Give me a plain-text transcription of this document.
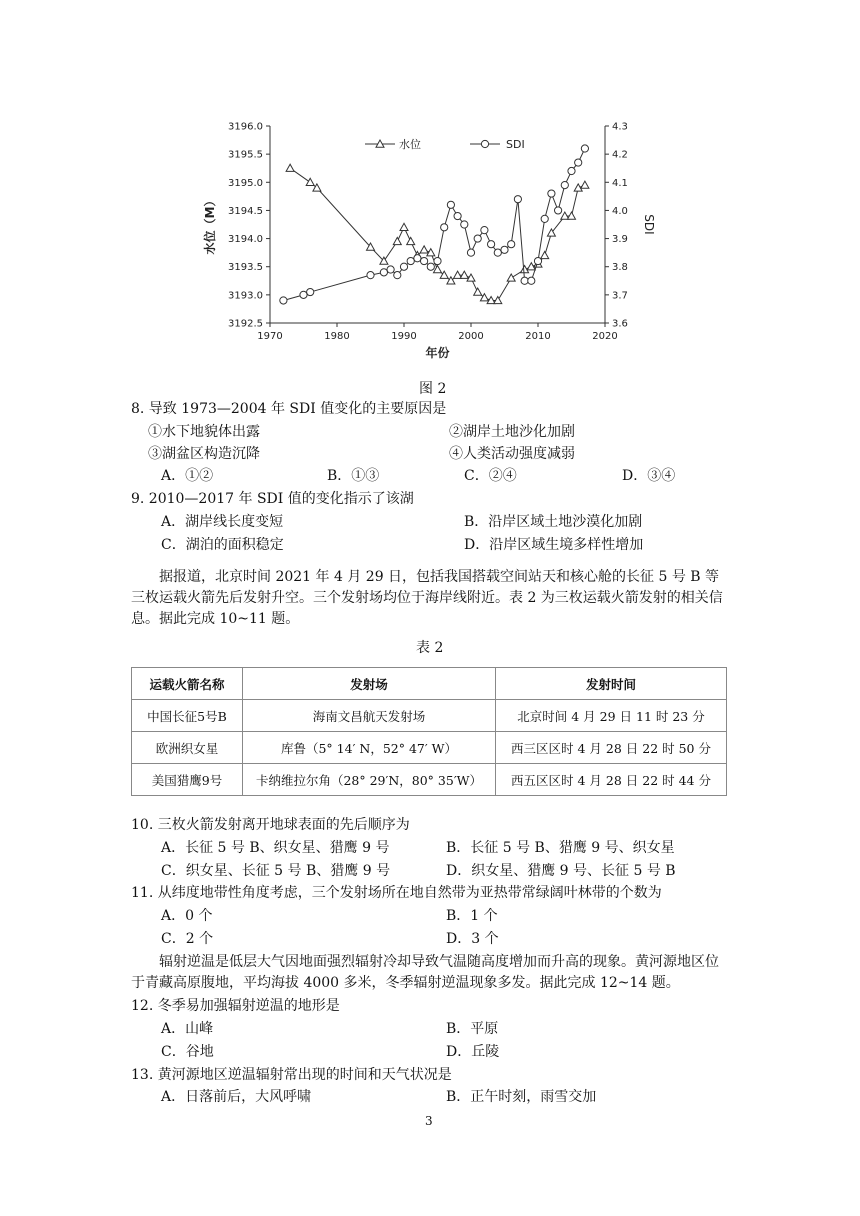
1970	1980	1990	2000	2010	2020
3196.0
3195.5
3195.0
3194.5
3194.0
3193.5
3193.0
3192.5
4.3
4.2
4.1
4.0
3.9
3.8
3.7
3.6
年份
水位（M）	SDI
水位	SDI
图 2
8. 导致 1973—2004 年 SDI 值变化的主要原因是
①水下地貌体出露	②湖岸土地沙化加剧
③湖盆区构造沉降	④人类活动强度减弱
A．①②	B．①③	C．②④	D．③④
9. 2010—2017 年 SDI 值的变化指示了该湖
A．湖岸线长度变短	B．沿岸区域土地沙漠化加剧
C．湖泊的面积稳定	D．沿岸区域生境多样性增加
据报道，北京时间 2021 年 4 月 29 日，包括我国搭载空间站天和核心舱的长征 5 号 B 等三枚运载火箭先后发射升空。三个发射场均位于海岸线附近。表 2 为三枚运载火箭发射的相关信息。据此完成 10~11 题。
表 2
运载火箭名称	发射场	发射时间
中国长征5号B	海南文昌航天发射场	北京时间 4 月 29 日 11 时 23 分
欧洲织女星	库鲁（5° 14′ N，52° 47′ W）	西三区区时 4 月 28 日 22 时 50 分
美国猎鹰9号	卡纳维拉尔角（28° 29′N，80° 35′W）	西五区区时 4 月 28 日 22 时 44 分
10. 三枚火箭发射离开地球表面的先后顺序为
A．长征 5 号 B、织女星、猎鹰 9 号	B．长征 5 号 B、猎鹰 9 号、织女星
C．织女星、长征 5 号 B、猎鹰 9 号	D．织女星、猎鹰 9 号、长征 5 号 B
11. 从纬度地带性角度考虑，三个发射场所在地自然带为亚热带常绿阔叶林带的个数为
A．0 个	B．1 个
C．2 个	D．3 个
辐射逆温是低层大气因地面强烈辐射冷却导致气温随高度增加而升高的现象。黄河源地区位于青藏高原腹地，平均海拔 4000 多米，冬季辐射逆温现象多发。据此完成 12~14 题。
12. 冬季易加强辐射逆温的地形是
A．山峰	B．平原
C．谷地	D．丘陵
13. 黄河源地区逆温辐射常出现的时间和天气状况是
A．日落前后，大风呼啸	B．正午时刻，雨雪交加
3
